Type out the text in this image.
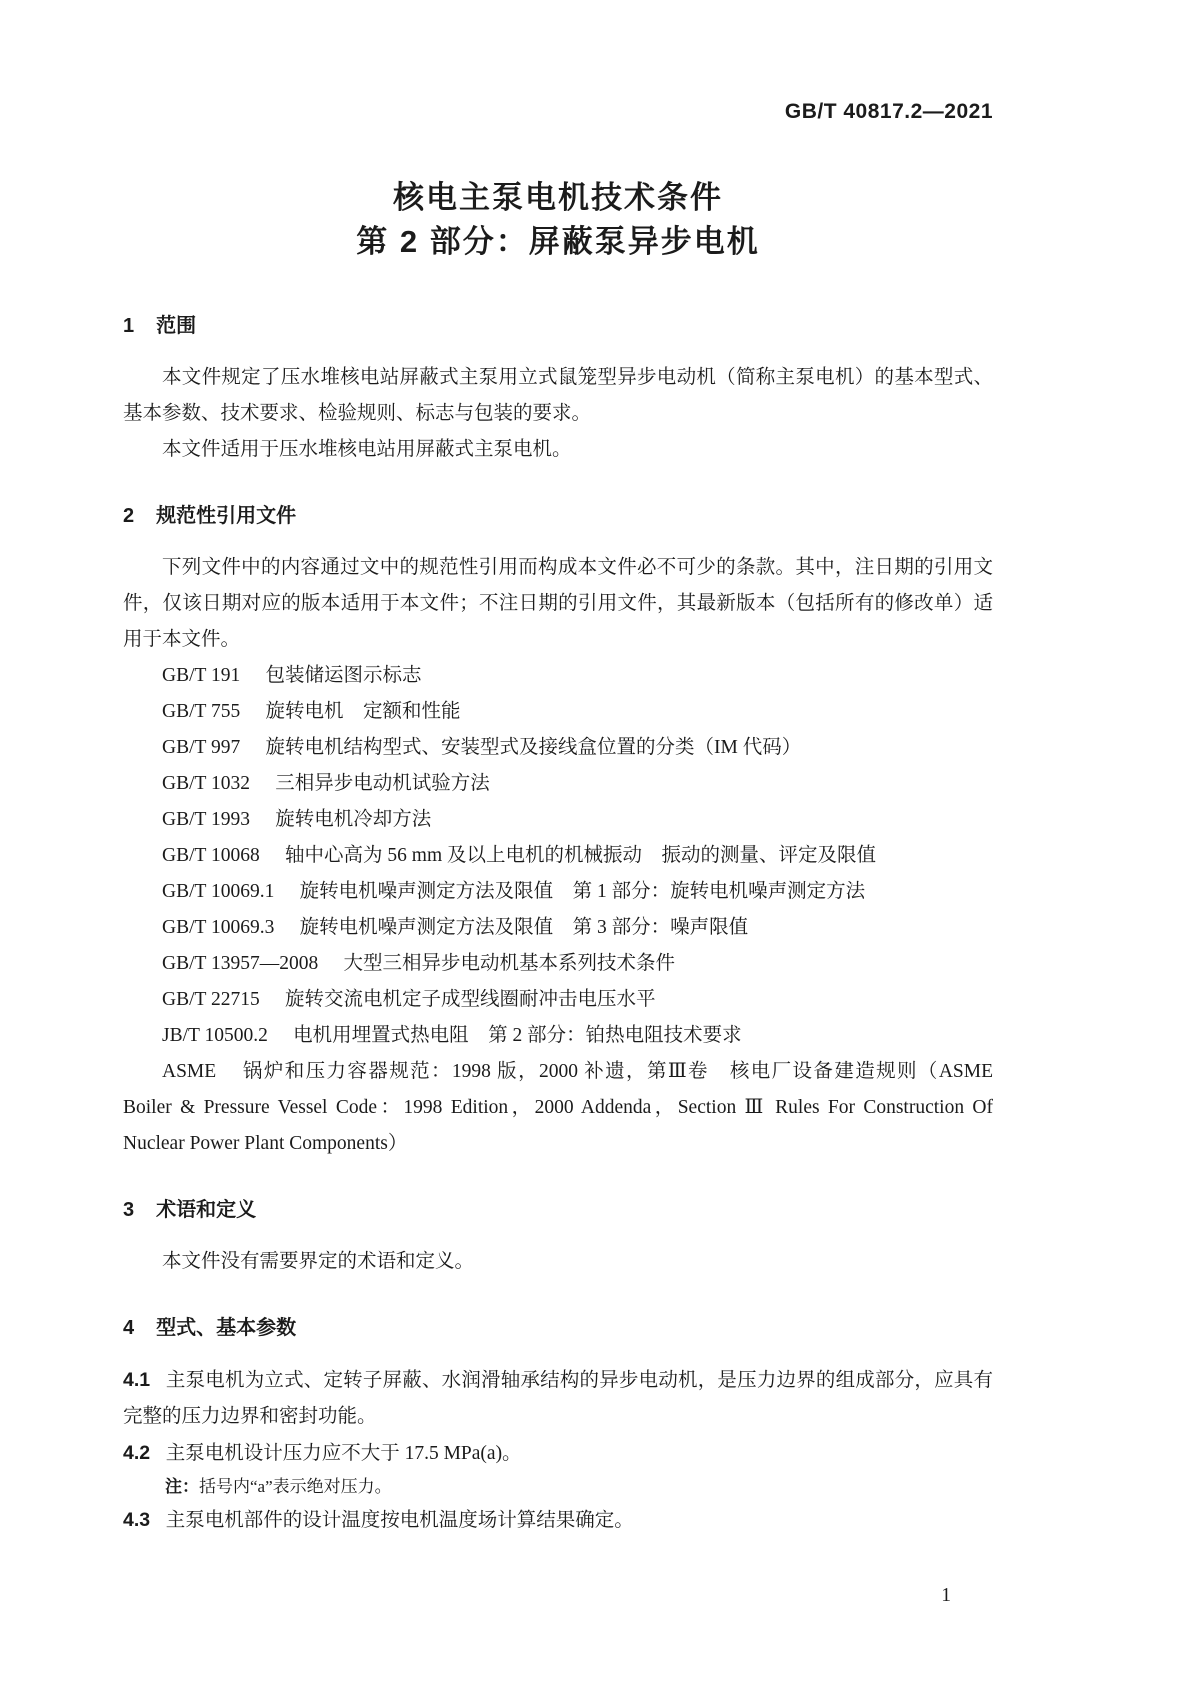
GB/T 40817.2—2021
核电主泵电机技术条件
第 2 部分：屏蔽泵异步电机
1 范围

本文件规定了压水堆核电站屏蔽式主泵用立式鼠笼型异步电动机（简称主泵电机）的基本型式、基本参数、技术要求、检验规则、标志与包装的要求。

本文件适用于压水堆核电站用屏蔽式主泵电机。

2 规范性引用文件

下列文件中的内容通过文中的规范性引用而构成本文件必不可少的条款。其中，注日期的引用文件，仅该日期对应的版本适用于本文件；不注日期的引用文件，其最新版本（包括所有的修改单）适用于本文件。

GB/T 191 包装储运图示标志

GB/T 755 旋转电机　定额和性能

GB/T 997 旋转电机结构型式、安装型式及接线盒位置的分类（IM 代码）

GB/T 1032 三相异步电动机试验方法

GB/T 1993 旋转电机冷却方法

GB/T 10068 轴中心高为 56 mm 及以上电机的机械振动　振动的测量、评定及限值

GB/T 10069.1 旋转电机噪声测定方法及限值　第 1 部分：旋转电机噪声测定方法

GB/T 10069.3 旋转电机噪声测定方法及限值　第 3 部分：噪声限值

GB/T 13957—2008 大型三相异步电动机基本系列技术条件

GB/T 22715 旋转交流电机定子成型线圈耐冲击电压水平

JB/T 10500.2 电机用埋置式热电阻　第 2 部分：铂热电阻技术要求

ASME 锅炉和压力容器规范：1998 版，2000 补遗，第Ⅲ卷　核电厂设备建造规则（ASME Boiler & Pressure Vessel Code：1998 Edition，2000 Addenda，Section Ⅲ Rules For Construction Of Nuclear Power Plant Components）

3 术语和定义

本文件没有需要界定的术语和定义。

4 型式、基本参数

4.1 主泵电机为立式、定转子屏蔽、水润滑轴承结构的异步电动机，是压力边界的组成部分，应具有完整的压力边界和密封功能。

4.2 主泵电机设计压力应不大于 17.5 MPa(a)。

注：括号内“a”表示绝对压力。

4.3 主泵电机部件的设计温度按电机温度场计算结果确定。

1
